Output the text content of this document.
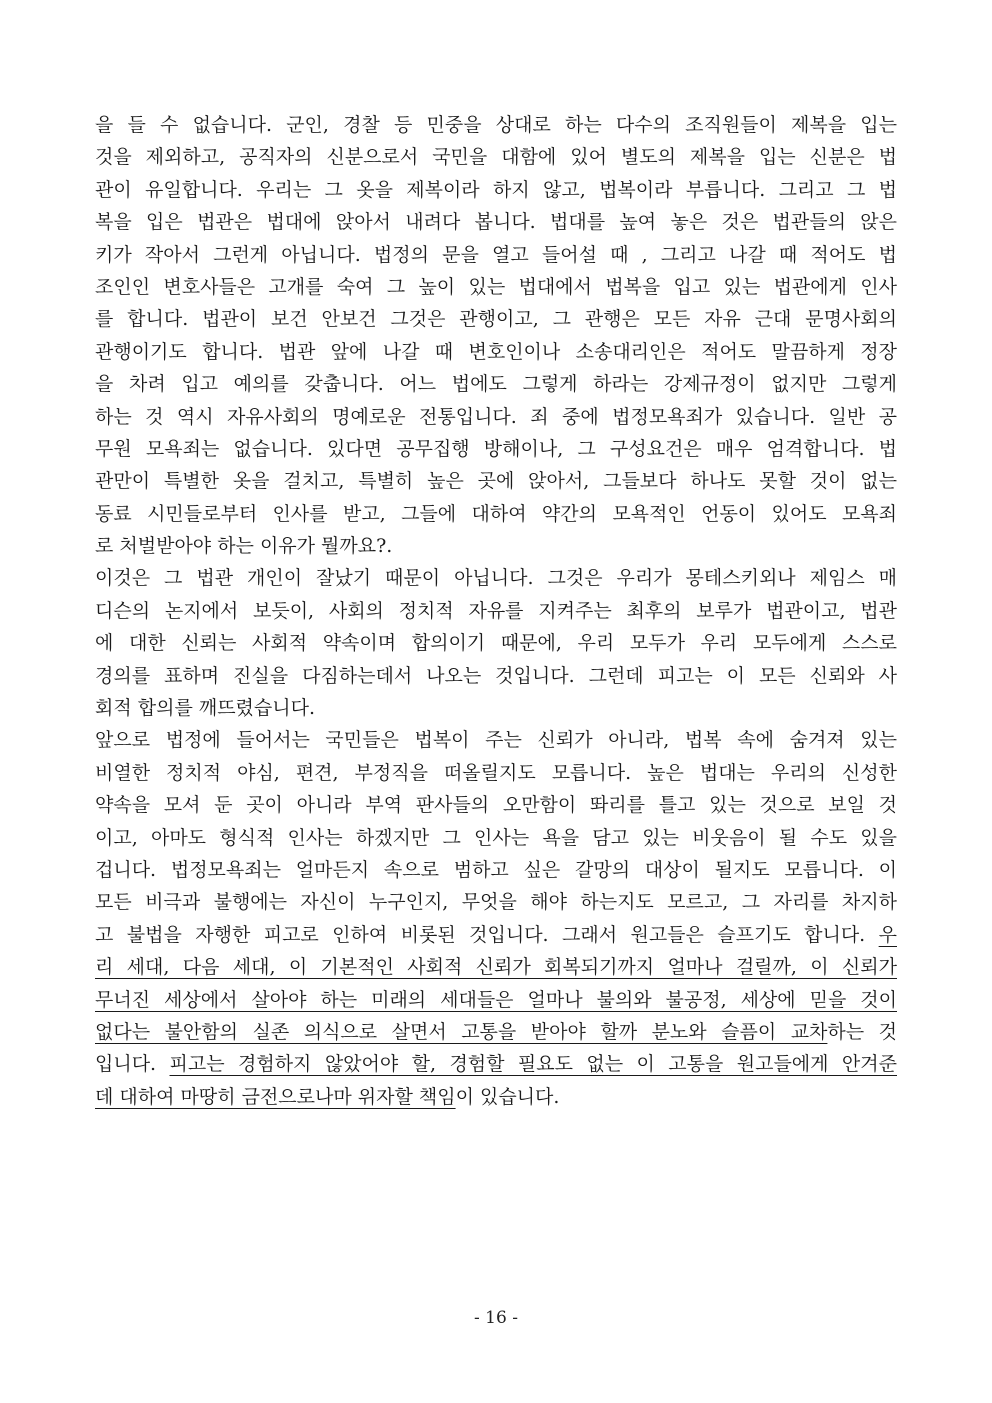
을 들 수 없습니다. 군인, 경찰 등 민중을 상대로 하는 다수의 조직원들이 제복을 입는
것을 제외하고, 공직자의 신분으로서 국민을 대함에 있어 별도의 제복을 입는 신분은 법
관이 유일합니다. 우리는 그 옷을 제복이라 하지 않고, 법복이라 부릅니다. 그리고 그 법
복을 입은 법관은 법대에 앉아서 내려다 봅니다. 법대를 높여 놓은 것은 법관들의 앉은
키가 작아서 그런게 아닙니다. 법정의 문을 열고 들어설 때 , 그리고 나갈 때 적어도 법
조인인 변호사들은 고개를 숙여 그 높이 있는 법대에서 법복을 입고 있는 법관에게 인사
를 합니다. 법관이 보건 안보건 그것은 관행이고, 그 관행은 모든 자유 근대 문명사회의
관행이기도 합니다. 법관 앞에 나갈 때 변호인이나 소송대리인은 적어도 말끔하게 정장
을 차려 입고 예의를 갖춥니다. 어느 법에도 그렇게 하라는 강제규정이 없지만 그렇게
하는 것 역시 자유사회의 명예로운 전통입니다. 죄 중에 법정모욕죄가 있습니다. 일반 공
무원 모욕죄는 없습니다. 있다면 공무집행 방해이나, 그 구성요건은 매우 엄격합니다. 법
관만이 특별한 옷을 걸치고, 특별히 높은 곳에 앉아서, 그들보다 하나도 못할 것이 없는
동료 시민들로부터 인사를 받고, 그들에 대하여 약간의 모욕적인 언동이 있어도 모욕죄
로 처벌받아야 하는 이유가 뭘까요?.
이것은 그 법관 개인이 잘났기 때문이 아닙니다. 그것은 우리가 몽테스키외나 제임스 매
디슨의 논지에서 보듯이, 사회의 정치적 자유를 지켜주는 최후의 보루가 법관이고, 법관
에 대한 신뢰는 사회적 약속이며 합의이기 때문에, 우리 모두가 우리 모두에게 스스로
경의를 표하며 진실을 다짐하는데서 나오는 것입니다. 그런데 피고는 이 모든 신뢰와 사
회적 합의를 깨뜨렸습니다.
앞으로 법정에 들어서는 국민들은 법복이 주는 신뢰가 아니라, 법복 속에 숨겨져 있는
비열한 정치적 야심, 편견, 부정직을 떠올릴지도 모릅니다. 높은 법대는 우리의 신성한
약속을 모셔 둔 곳이 아니라 부역 판사들의 오만함이 똬리를 틀고 있는 것으로 보일 것
이고, 아마도 형식적 인사는 하겠지만 그 인사는 욕을 담고 있는 비웃음이 될 수도 있을
겁니다. 법정모욕죄는 얼마든지 속으로 범하고 싶은 갈망의 대상이 될지도 모릅니다. 이
모든 비극과 불행에는 자신이 누구인지, 무엇을 해야 하는지도 모르고, 그 자리를 차지하
고 불법을 자행한 피고로 인하여 비롯된 것입니다. 그래서 원고들은 슬프기도 합니다. 우
리 세대, 다음 세대, 이 기본적인 사회적 신뢰가 회복되기까지 얼마나 걸릴까, 이 신뢰가
무너진 세상에서 살아야 하는 미래의 세대들은 얼마나 불의와 불공정, 세상에 믿을 것이
없다는 불안함의 실존 의식으로 살면서 고통을 받아야 할까 분노와 슬픔이 교차하는 것
입니다. 피고는 경험하지 않았어야 할, 경험할 필요도 없는 이 고통을 원고들에게 안겨준
데 대하여 마땅히 금전으로나마 위자할 책임이 있습니다.
- 16 -
